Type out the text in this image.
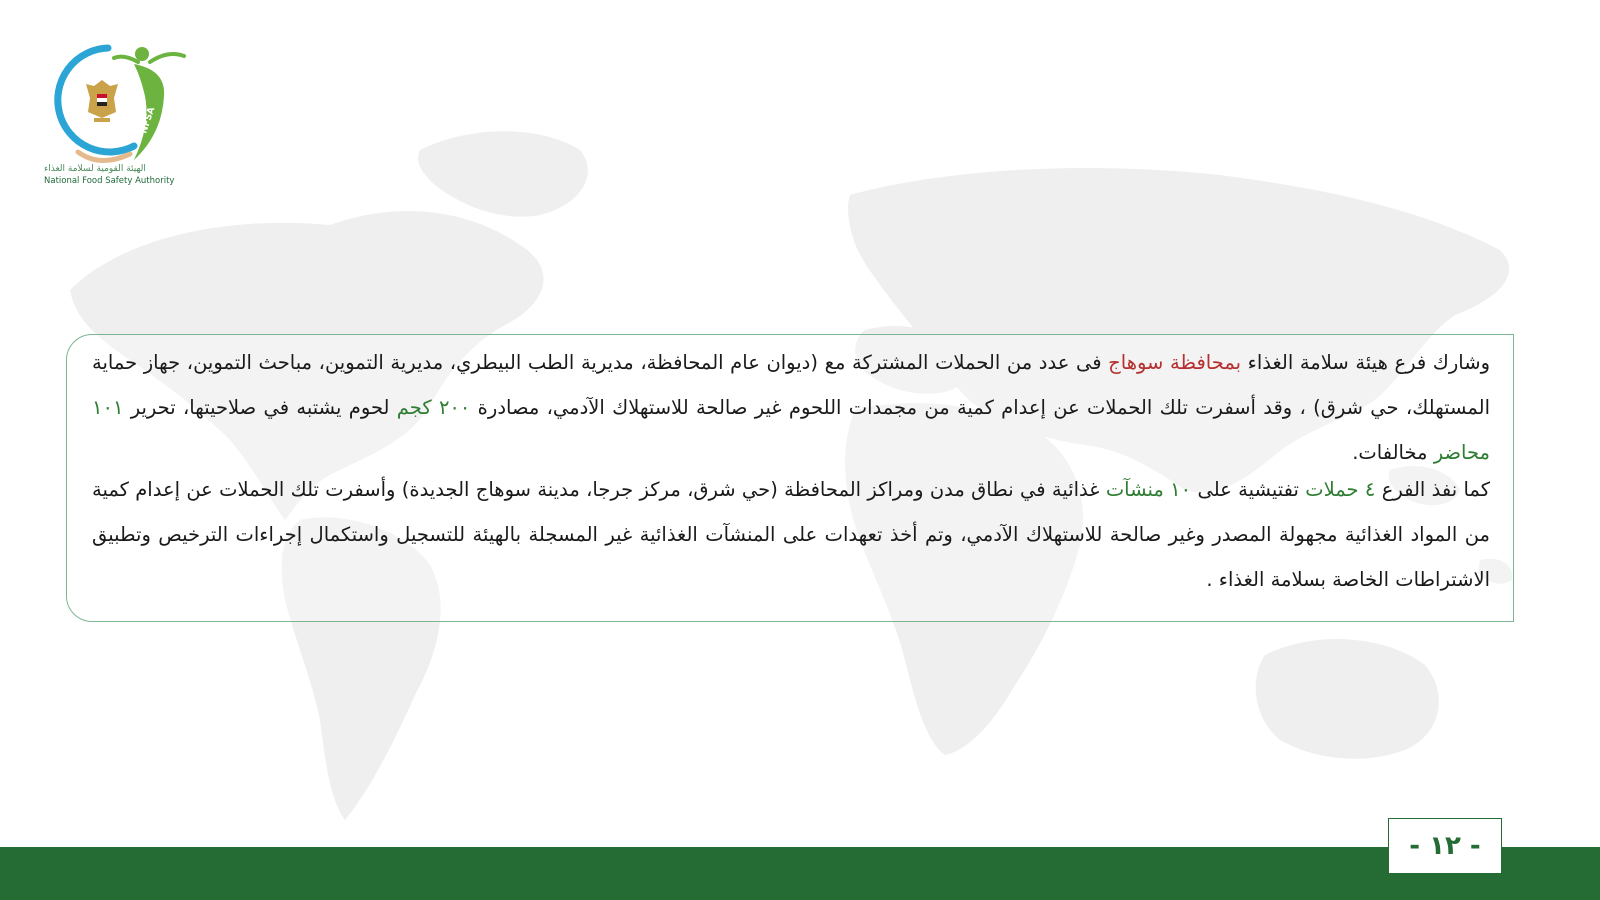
NFSA
الهيئة القومية لسلامة الغذاء
National Food Safety Authority

وشارك فرع هيئة سلامة الغذاء بمحافظة سوهاج فى عدد من الحملات المشتركة مع (ديوان عام المحافظة، مديرية الطب البيطري، مديرية التموين، مباحث التموين، جهاز حماية المستهلك، حي شرق) ، وقد أسفرت تلك الحملات عن إعدام كمية من مجمدات اللحوم غير صالحة للاستهلاك الآدمي، مصادرة ٢٠٠ كجم لحوم يشتبه في صلاحيتها، تحرير ١٠١ محاضر مخالفات.

كما نفذ الفرع ٤ حملات تفتيشية على ١٠ منشآت غذائية في نطاق مدن ومراكز المحافظة (حي شرق، مركز جرجا، مدينة سوهاج الجديدة) وأسفرت تلك الحملات عن إعدام كمية من المواد الغذائية مجهولة المصدر وغير صالحة للاستهلاك الآدمي، وتم أخذ تعهدات على المنشآت الغذائية غير المسجلة بالهيئة للتسجيل واستكمال إجراءات الترخيص وتطبيق الاشتراطات الخاصة بسلامة الغذاء .

- ١٢ -
